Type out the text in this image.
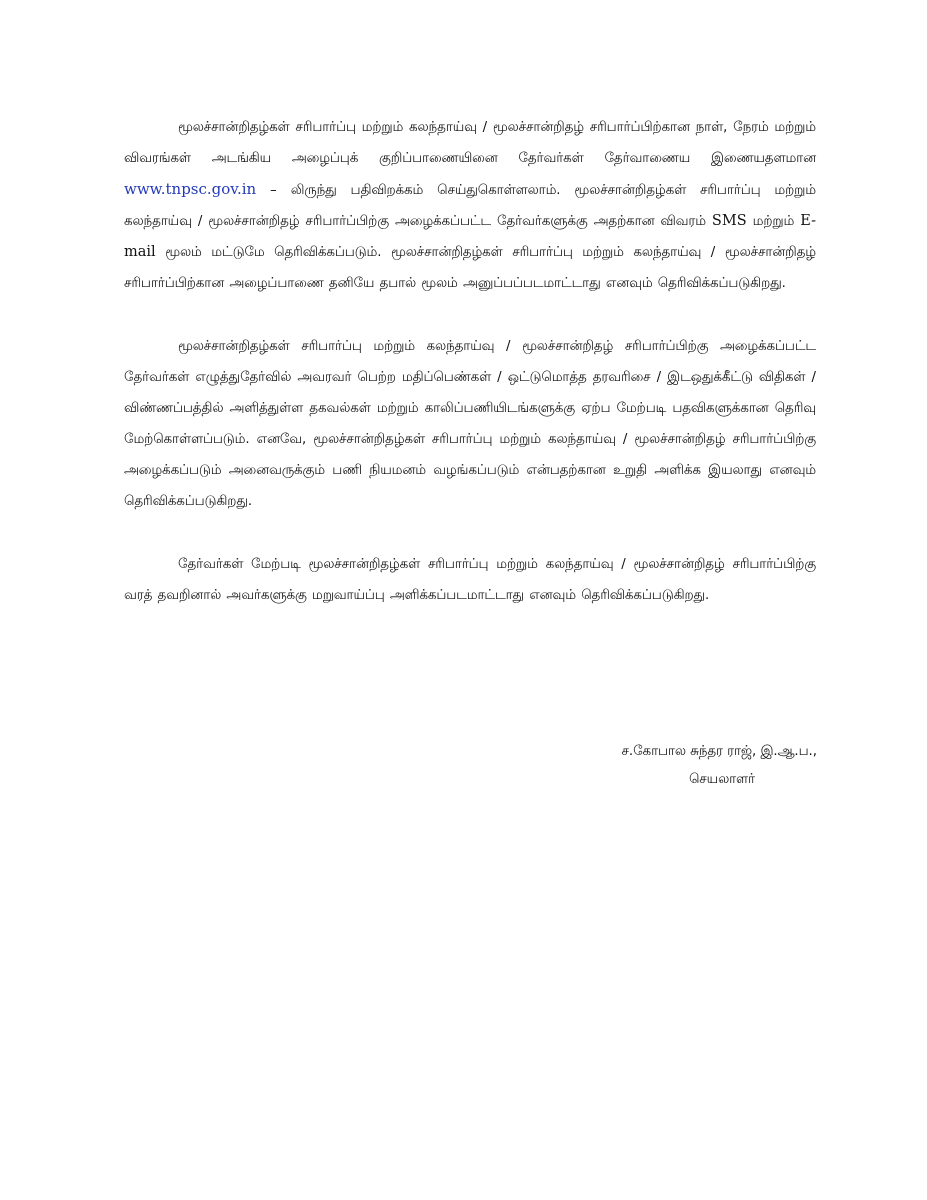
மூலச்சான்றிதழ்கள் சரிபார்ப்பு மற்றும் கலந்தாய்வு / மூலச்சான்றிதழ் சரிபார்ப்பிற்கான நாள், நேரம் மற்றும் விவரங்கள் அடங்கிய அழைப்புக் குறிப்பாணையினை தேர்வர்கள் தேர்வாணைய இணையதளமான www.tnpsc.gov.in – லிருந்து பதிவிறக்கம் செய்துகொள்ளலாம். மூலச்சான்றிதழ்கள் சரிபார்ப்பு மற்றும் கலந்தாய்வு / மூலச்சான்றிதழ் சரிபார்ப்பிற்கு அழைக்கப்பட்ட தேர்வர்களுக்கு அதற்கான விவரம் SMS மற்றும் E-mail மூலம் மட்டுமே தெரிவிக்கப்படும். மூலச்சான்றிதழ்கள் சரிபார்ப்பு மற்றும் கலந்தாய்வு / மூலச்சான்றிதழ் சரிபார்ப்பிற்கான அழைப்பாணை தனியே தபால் மூலம் அனுப்பப்படமாட்டாது எனவும் தெரிவிக்கப்படுகிறது.

மூலச்சான்றிதழ்கள் சரிபார்ப்பு மற்றும் கலந்தாய்வு / மூலச்சான்றிதழ் சரிபார்ப்பிற்கு அழைக்கப்பட்ட தேர்வர்கள் எழுத்துதேர்வில் அவரவர் பெற்ற மதிப்பெண்கள் / ஒட்டுமொத்த தரவரிசை / இடஒதுக்கீட்டு விதிகள் / விண்ணப்பத்தில் அளித்துள்ள தகவல்கள் மற்றும் காலிப்பணியிடங்களுக்கு ஏற்ப மேற்படி பதவிகளுக்கான தெரிவு மேற்கொள்ளப்படும். எனவே, மூலச்சான்றிதழ்கள் சரிபார்ப்பு மற்றும் கலந்தாய்வு / மூலச்சான்றிதழ் சரிபார்ப்பிற்கு அழைக்கப்படும் அனைவருக்கும் பணி நியமனம் வழங்கப்படும் என்பதற்கான உறுதி அளிக்க இயலாது எனவும் தெரிவிக்கப்படுகிறது.

தேர்வர்கள் மேற்படி மூலச்சான்றிதழ்கள் சரிபார்ப்பு மற்றும் கலந்தாய்வு / மூலச்சான்றிதழ் சரிபார்ப்பிற்கு வரத் தவறினால் அவர்களுக்கு மறுவாய்ப்பு அளிக்கப்படமாட்டாது எனவும் தெரிவிக்கப்படுகிறது.

ச.கோபால சுந்தர ராஜ், இ.ஆ.ப.,
செயலாளர்
